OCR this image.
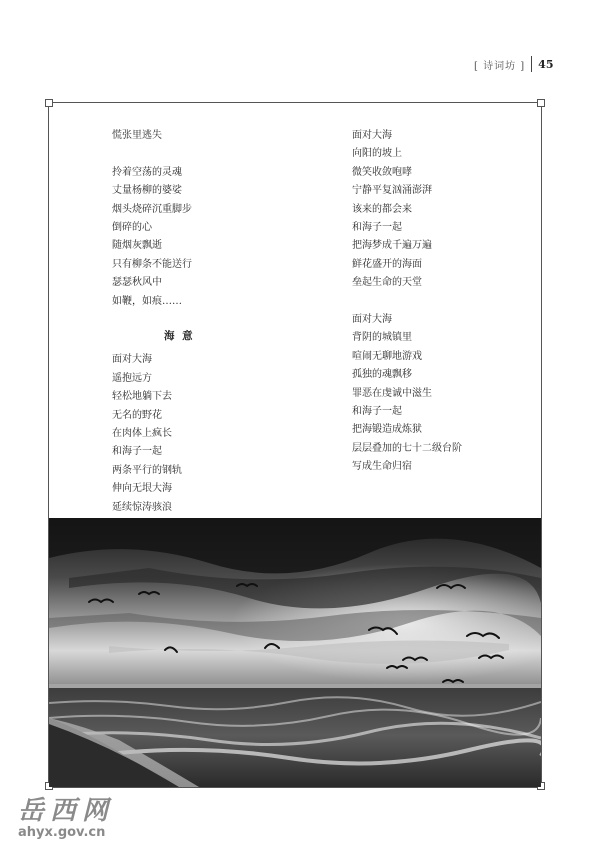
[ 诗词坊 ] 45
慌张里逃失
拎着空荡的灵魂
丈量杨柳的婆娑
烟头烧碎沉重脚步
倒碎的心
随烟灰飘逝
只有柳条不能送行
瑟瑟秋风中
如鞭，如痕……
海 意
面对大海
遥抱远方
轻松地躺下去
无名的野花
在肉体上疯长
和海子一起
两条平行的钢轨
伸向无垠大海
延续惊涛骇浪
面对大海
向阳的坡上
微笑收敛咆哮
宁静平复汹涌澎湃
该来的都会来
和海子一起
把海梦成千遍万遍
鲜花盛开的海面
垒起生命的天堂
面对大海
背阴的城镇里
喧闹无聊地游戏
孤独的魂飘移
罪恶在虔诚中滋生
和海子一起
把海锻造成炼狱
层层叠加的七十二级台阶
写成生命归宿
岳西网
ahyx.gov.cn
